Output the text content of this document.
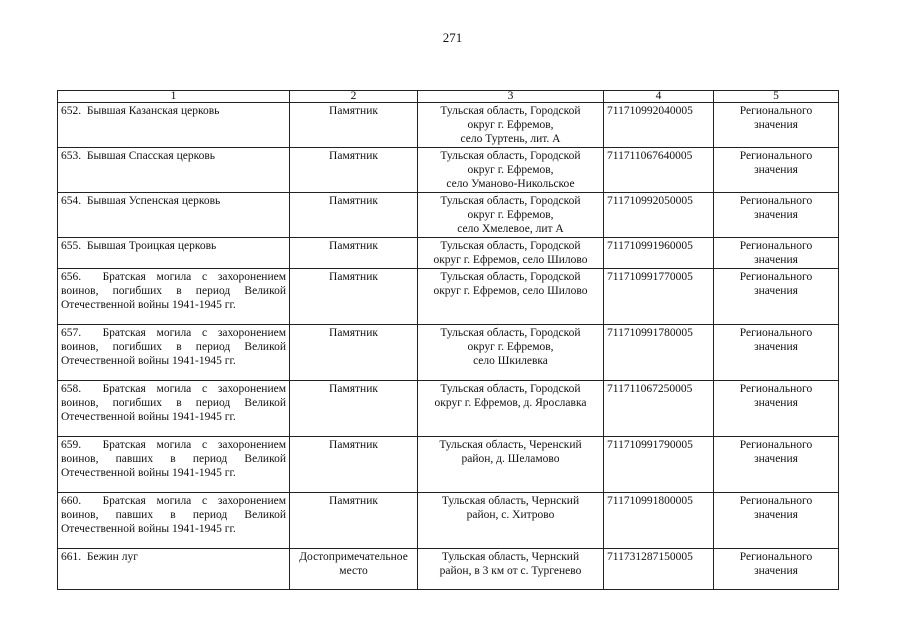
271
1	2	3	4	5
652. Бывшая Казанская церковь	Памятник	Тульская область, Городской
округ г. Ефремов,
село Туртень, лит. А	711710992040005	Регионального
значения
653. Бывшая Спасская церковь	Памятник	Тульская область, Городской
округ г. Ефремов,
село Уманово-Никольское	711711067640005	Регионального
значения
654. Бывшая Успенская церковь	Памятник	Тульская область, Городской
округ г. Ефремов,
село Хмелевое, лит А	711710992050005	Регионального
значения
655. Бывшая Троицкая церковь	Памятник	Тульская область, Городской
округ г. Ефремов, село Шилово	711710991960005	Регионального
значения
656. Братская могила с захоронением воинов, погибших в период Великой Отечественной войны 1941-1945 гг.	Памятник	Тульская область, Городской
округ г. Ефремов, село Шилово	711710991770005	Регионального
значения
657. Братская могила с захоронением воинов, погибших в период Великой Отечественной войны 1941-1945 гг.	Памятник	Тульская область, Городской
округ г. Ефремов,
село Шкилевка	711710991780005	Регионального
значения
658. Братская могила с захоронением воинов, погибших в период Великой Отечественной войны 1941-1945 гг.	Памятник	Тульская область, Городской
округ г. Ефремов, д. Ярославка	711711067250005	Регионального
значения
659. Братская могила с захоронением воинов, павших в период Великой Отечественной войны 1941-1945 гг.	Памятник	Тульская область, Черенский
район, д. Шеламово	711710991790005	Регионального
значения
660. Братская могила с захоронением воинов, павших в период Великой Отечественной войны 1941-1945 гг.	Памятник	Тульская область, Чернский
район, с. Хитрово	711710991800005	Регионального
значения
661. Бежин луг	Достопримечательное
место	Тульская область, Чернский
район, в 3 км от с. Тургенево	711731287150005	Регионального
значения
